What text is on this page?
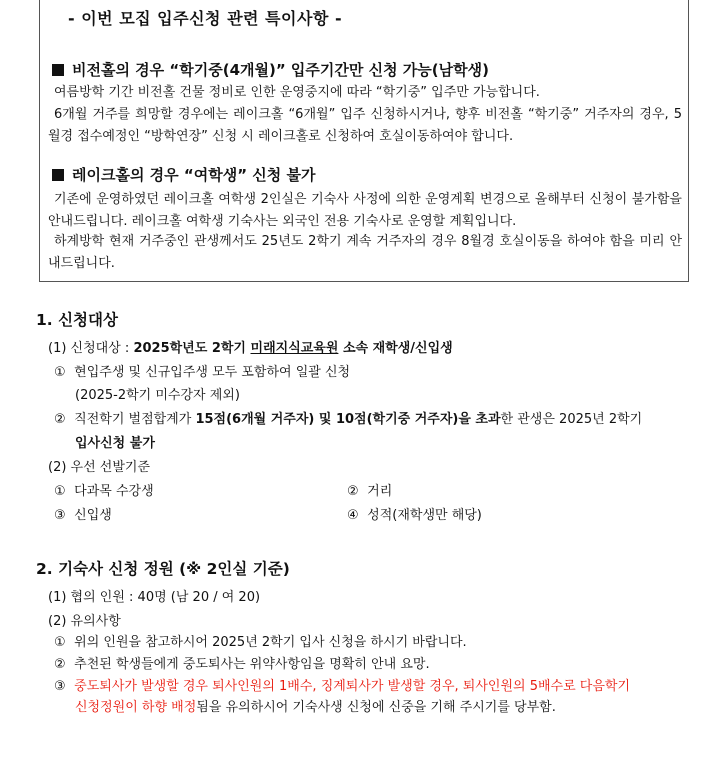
- 이번 모집 입주신청 관련 특이사항 -
비전홀의 경우 “학기중(4개월)” 입주기간만 신청 가능(남학생)
여름방학 기간 비전홀 건물 정비로 인한 운영중지에 따라 “학기중” 입주만 가능합니다.
6개월 거주를 희망할 경우에는 레이크홀 “6개월” 입주 신청하시거나, 향후 비전홀 “학기중” 거주자의 경우, 5월경 접수예정인 “방학연장” 신청 시 레이크홀로 신청하여 호실이동하여야 합니다.
레이크홀의 경우 “여학생” 신청 불가
기존에 운영하였던 레이크홀 여학생 2인실은 기숙사 사정에 의한 운영계획 변경으로 올해부터 신청이 불가함을 안내드립니다. 레이크홀 여학생 기숙사는 외국인 전용 기숙사로 운영할 계획입니다.
하계방학 현재 거주중인 관생께서도 25년도 2학기 계속 거주자의 경우 8월경 호실이동을 하여야 함을 미리 안내드립니다.
1. 신청대상
(1) 신청대상 : 2025학년도 2학기 미래지식교육원 소속 재학생/신입생
① 현입주생 및 신규입주생 모두 포함하여 일괄 신청
(2025-2학기 미수강자 제외)
② 직전학기 벌점합계가 15점(6개월 거주자) 및 10점(학기중 거주자)을 초과한 관생은 2025년 2학기
입사신청 불가
(2) 우선 선발기준
① 다과목 수강생	② 거리
③ 신입생	④ 성적(재학생만 해당)
2. 기숙사 신청 정원 (※ 2인실 기준)
(1) 협의 인원 : 40명 (남 20 / 여 20)
(2) 유의사항
① 위의 인원을 참고하시어 2025년 2학기 입사 신청을 하시기 바랍니다.
② 추천된 학생들에게 중도퇴사는 위약사항임을 명확히 안내 요망.
③ 중도퇴사가 발생할 경우 퇴사인원의 1배수, 징계퇴사가 발생할 경우, 퇴사인원의 5배수로 다음학기
신청정원이 하향 배정됨을 유의하시어 기숙사생 신청에 신중을 기해 주시기를 당부함.
